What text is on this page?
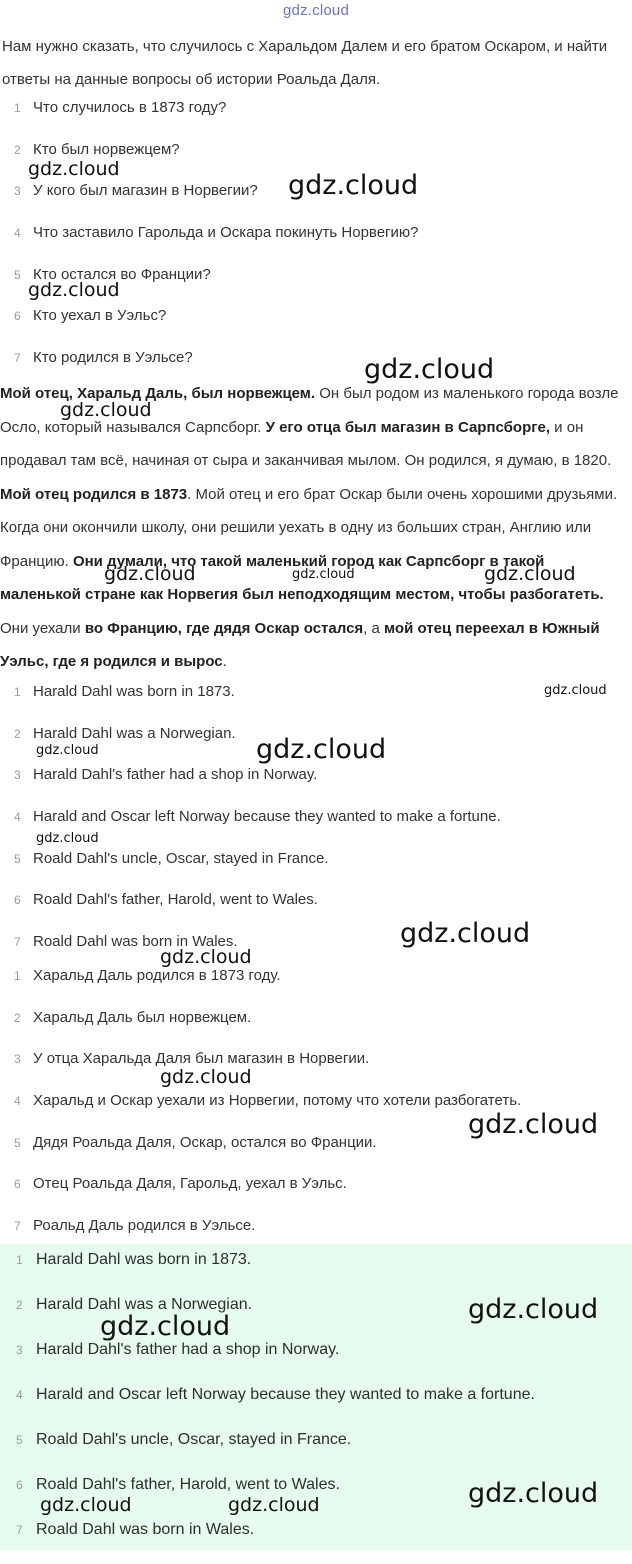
gdz.cloud
Нам нужно сказать, что случилось с Харальдом Далем и его братом Оскаром, и найти ответы на данные вопросы об истории Роальда Даля.
1 Что случилось в 1873 году?
2 Кто был норвежцем?
3 У кого был магазин в Норвегии?
4 Что заставило Гарольда и Оскара покинуть Норвегию?
5 Кто остался во Франции?
6 Кто уехал в Уэльс?
7 Кто родился в Уэльсе?
Мой отец, Харальд Даль, был норвежцем. Он был родом из маленького города возле Осло, который назывался Сарпсборг. У его отца был магазин в Сарпсборге, и он продавал там всё, начиная от сыра и заканчивая мылом. Он родился, я думаю, в 1820. Мой отец родился в 1873. Мой отец и его брат Оскар были очень хорошими друзьями. Когда они окончили школу, они решили уехать в одну из больших стран, Англию или Францию. Они думали, что такой маленький город как Сарпсборг в такой маленькой стране как Норвегия был неподходящим местом, чтобы разбогатеть. Они уехали во Францию, где дядя Оскар остался, а мой отец переехал в Южный Уэльс, где я родился и вырос.
1 Harald Dahl was born in 1873.
2 Harald Dahl was a Norwegian.
3 Harald Dahl's father had a shop in Norway.
4 Harald and Oscar left Norway because they wanted to make a fortune.
5 Roald Dahl's uncle, Oscar, stayed in France.
6 Roald Dahl's father, Harold, went to Wales.
7 Roald Dahl was born in Wales.
1 Харальд Даль родился в 1873 году.
2 Харальд Даль был норвежцем.
3 У отца Харальда Даля был магазин в Норвегии.
4 Харальд и Оскар уехали из Норвегии, потому что хотели разбогатеть.
5 Дядя Роальда Даля, Оскар, остался во Франции.
6 Отец Роальда Даля, Гарольд, уехал в Уэльс.
7 Роальд Даль родился в Уэльсе.
1 Harald Dahl was born in 1873.
2 Harald Dahl was a Norwegian.
3 Harald Dahl's father had a shop in Norway.
4 Harald and Oscar left Norway because they wanted to make a fortune.
5 Roald Dahl's uncle, Oscar, stayed in France.
6 Roald Dahl's father, Harold, went to Wales.
7 Roald Dahl was born in Wales.
gdz.cloud
gdz.cloud
gdz.cloud
gdz.cloud
gdz.cloud
gdz.cloud	gdz.cloud	gdz.cloud
gdz.cloud
gdz.cloud	gdz.cloud
gdz.cloud
gdz.cloud
gdz.cloud
gdz.cloud
gdz.cloud
gdz.cloud
gdz.cloud
gdz.cloud
gdz.cloud	gdz.cloud
